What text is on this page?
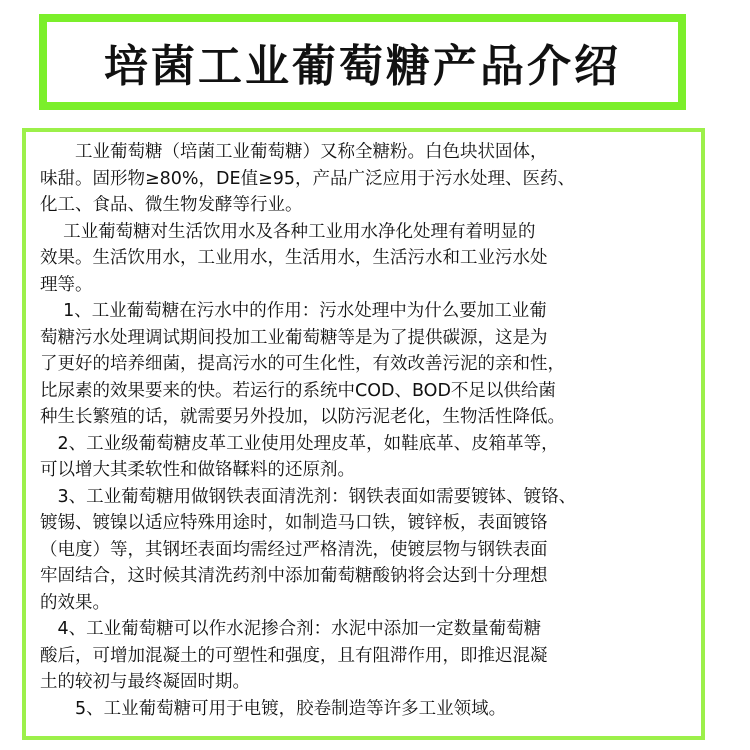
培菌工业葡萄糖产品介绍
　　工业葡萄糖（培菌工业葡萄糖）又称全糖粉。白色块状固体，
味甜。固形物≥80%，DE值≥95，产品广泛应用于污水处理、医药、
化工、食品、微生物发酵等行业。
　 工业葡萄糖对生活饮用水及各种工业用水净化处理有着明显的
效果。生活饮用水，工业用水，生活用水，生活污水和工业污水处
理等。
　 1、工业葡萄糖在污水中的作用：污水处理中为什么要加工业葡
萄糖污水处理调试期间投加工业葡萄糖等是为了提供碳源，这是为
了更好的培养细菌，提高污水的可生化性，有效改善污泥的亲和性，
比尿素的效果要来的快。若运行的系统中COD、BOD不足以供给菌
种生长繁殖的话，就需要另外投加，以防污泥老化，生物活性降低。
　2、工业级葡萄糖皮革工业使用处理皮革，如鞋底革、皮箱革等，
可以增大其柔软性和做铬鞣料的还原剂。
　3、工业葡萄糖用做钢铁表面清洗剂：钢铁表面如需要镀钵、镀铬、
镀锡、镀镍以适应特殊用途时，如制造马口铁，镀锌板，表面镀铬
（电度）等，其钢坯表面均需经过严格清洗，使镀层物与钢铁表面
牢固结合，这时候其清洗药剂中添加葡萄糖酸钠将会达到十分理想
的效果。
　4、工业葡萄糖可以作水泥掺合剂：水泥中添加一定数量葡萄糖
酸后，可增加混凝土的可塑性和强度，且有阻滞作用，即推迟混凝
土的较初与最终凝固时期。
　　5、工业葡萄糖可用于电镀，胶卷制造等许多工业领域。
